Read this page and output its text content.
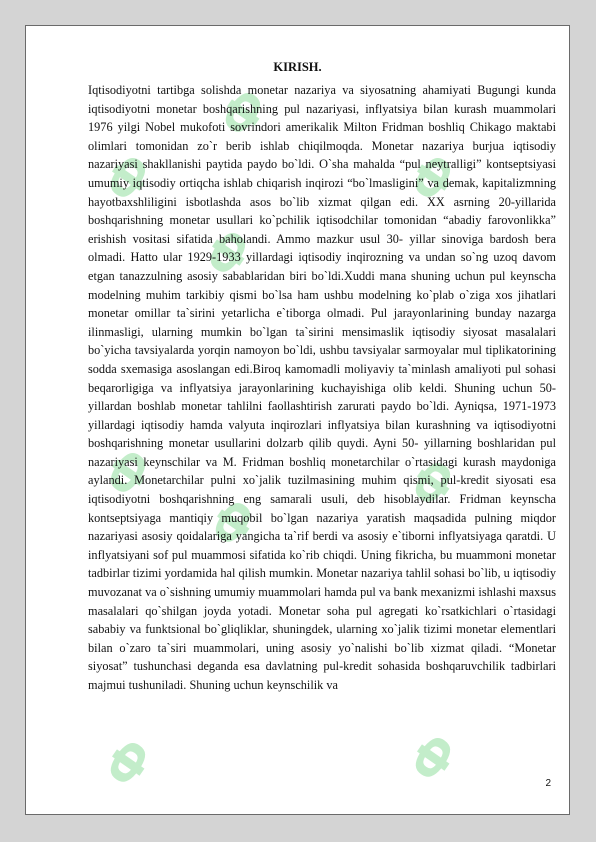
Ф
Ф
Ф
Ф
Ф	Ф
Ф
Ф	Ф
KIRISH.

Iqtisodiyotni tartibga solishda monetar nazariya va siyosatning ahamiyati Bugungi kunda iqtisodiyotni monetar boshqarishning pul nazariyasi, inflyatsiya bilan kurash muammolari 1976 yilgi Nobel mukofoti sovrindori amerikalik Milton Fridman boshliq Chikago maktabi olimlari tomonidan zo`r berib ishlab chiqilmoqda. Monetar nazariya burjua iqtisodiy nazariyasi shakllanishi paytida paydo bo`ldi. O`sha mahalda “pul neytralligi” kontseptsiyasi umumiy iqtisodiy ortiqcha ishlab chiqarish inqirozi “bo`lmasligini” va demak, kapitalizmning hayotbaxshliligini isbotlashda asos bo`lib xizmat qilgan edi. XX asrning 20-yillarida boshqarishning monetar usullari ko`pchilik iqtisodchilar tomonidan “abadiy farovonlikka” erishish vositasi sifatida baholandi. Ammo mazkur usul 30- yillar sinoviga bardosh bera olmadi. Hatto ular 1929-1933 yillardagi iqtisodiy inqirozning va undan so`ng uzoq davom etgan tanazzulning asosiy sabablaridan biri bo`ldi.Xuddi mana shuning uchun pul keynscha modelning muhim tarkibiy qismi bo`lsa ham ushbu modelning ko`plab o`ziga xos jihatlari monetar omillar ta`sirini yetarlicha e`tiborga olmadi. Pul jarayonlarining bunday nazarga ilinmasligi, ularning mumkin bo`lgan ta`sirini mensimaslik iqtisodiy siyosat masalalari bo`yicha tavsiyalarda yorqin namoyon bo`ldi, ushbu tavsiyalar sarmoyalar mul tiplikatorining sodda sxemasiga asoslangan edi.Biroq kamomadli moliyaviy ta`minlash amaliyoti pul sohasi beqarorligiga va inflyatsiya jarayonlarining kuchayishiga olib keldi. Shuning uchun 50-yillardan boshlab monetar tahlilni faollashtirish zarurati paydo bo`ldi. Ayniqsa, 1971-1973 yillardagi iqtisodiy hamda valyuta inqirozlari inflyatsiya bilan kurashning va iqtisodiyotni boshqarishning monetar usullarini dolzarb qilib quydi. Ayni 50- yillarning boshlaridan pul nazariyasi keynschilar va M. Fridman boshliq monetarchilar o`rtasidagi kurash maydoniga aylandi. Monetarchilar pulni xo`jalik tuzilmasining muhim qismi, pul-kredit siyosati esa iqtisodiyotni boshqarishning eng samarali usuli, deb hisoblaydilar. Fridman keynscha kontseptsiyaga mantiqiy muqobil bo`lgan nazariya yaratish maqsadida pulning miqdor nazariyasi asosiy qoidalariga yangicha ta`rif berdi va asosiy e`tiborni inflyatsiyaga qaratdi. U inflyatsiyani sof pul muammosi sifatida ko`rib chiqdi. Uning fikricha, bu muammoni monetar tadbirlar tizimi yordamida hal qilish mumkin. Monetar nazariya tahlil sohasi bo`lib, u iqtisodiy muvozanat va o`sishning umumiy muammolari hamda pul va bank mexanizmi ishlashi maxsus masalalari qo`shilgan joyda yotadi. Monetar soha pul agregati ko`rsatkichlari o`rtasidagi sababiy va funktsional bo`gliqliklar, shuningdek, ularning xo`jalik tizimi monetar elementlari bilan o`zaro ta`siri muammolari, uning asosiy yo`nalishi bo`lib xizmat qiladi. “Monetar siyosat” tushunchasi deganda esa davlatning pul-kredit sohasida boshqaruvchilik tadbirlari majmui tushuniladi. Shuning uchun keynschilik va

2
